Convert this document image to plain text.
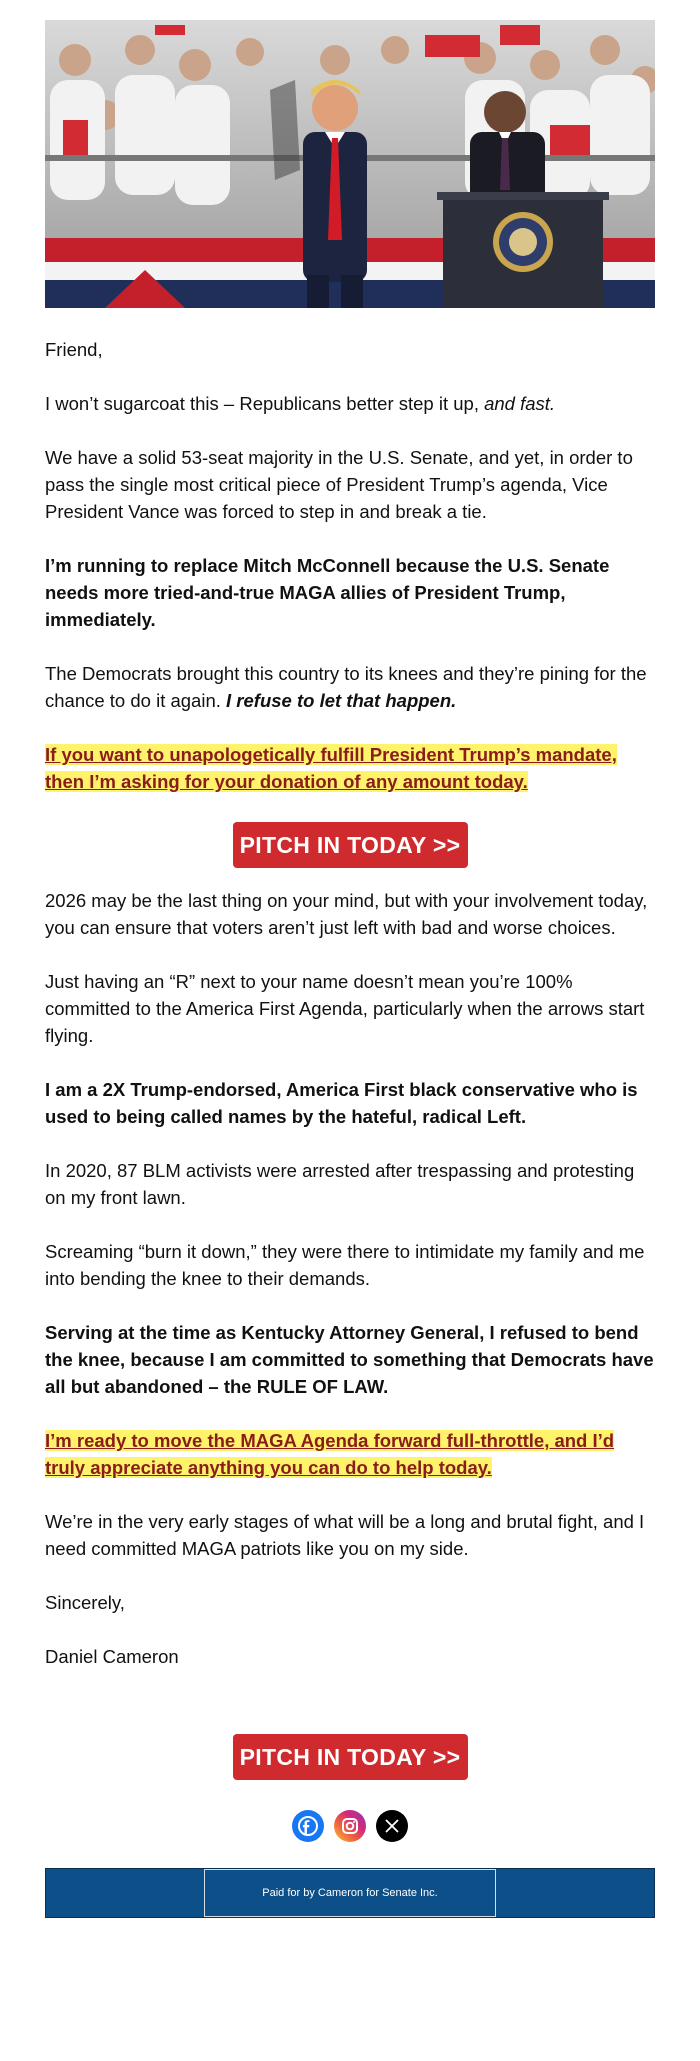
Friend,

I won’t sugarcoat this – Republicans better step it up, and fast.

We have a solid 53-seat majority in the U.S. Senate, and yet, in order to pass the single most critical piece of President Trump’s agenda, Vice President Vance was forced to step in and break a tie.

I’m running to replace Mitch McConnell because the U.S. Senate needs more tried-and-true MAGA allies of President Trump, immediately.

The Democrats brought this country to its knees and they’re pining for the chance to do it again. I refuse to let that happen.

If you want to unapologetically fulfill President Trump’s mandate, then I’m asking for your donation of any amount today.

PITCH IN TODAY >>

2026 may be the last thing on your mind, but with your involvement today, you can ensure that voters aren’t just left with bad and worse choices.

Just having an “R” next to your name doesn’t mean you’re 100% committed to the America First Agenda, particularly when the arrows start flying.

I am a 2X Trump-endorsed, America First black conservative who is used to being called names by the hateful, radical Left.

In 2020, 87 BLM activists were arrested after trespassing and protesting on my front lawn.

Screaming “burn it down,” they were there to intimidate my family and me into bending the knee to their demands.

Serving at the time as Kentucky Attorney General, I refused to bend the knee, because I am committed to something that Democrats have all but abandoned – the RULE OF LAW.

I’m ready to move the MAGA Agenda forward full-throttle, and I’d truly appreciate anything you can do to help today.

We’re in the very early stages of what will be a long and brutal fight, and I need committed MAGA patriots like you on my side.

Sincerely,

Daniel Cameron

PITCH IN TODAY >>
Paid for by Cameron for Senate Inc.
